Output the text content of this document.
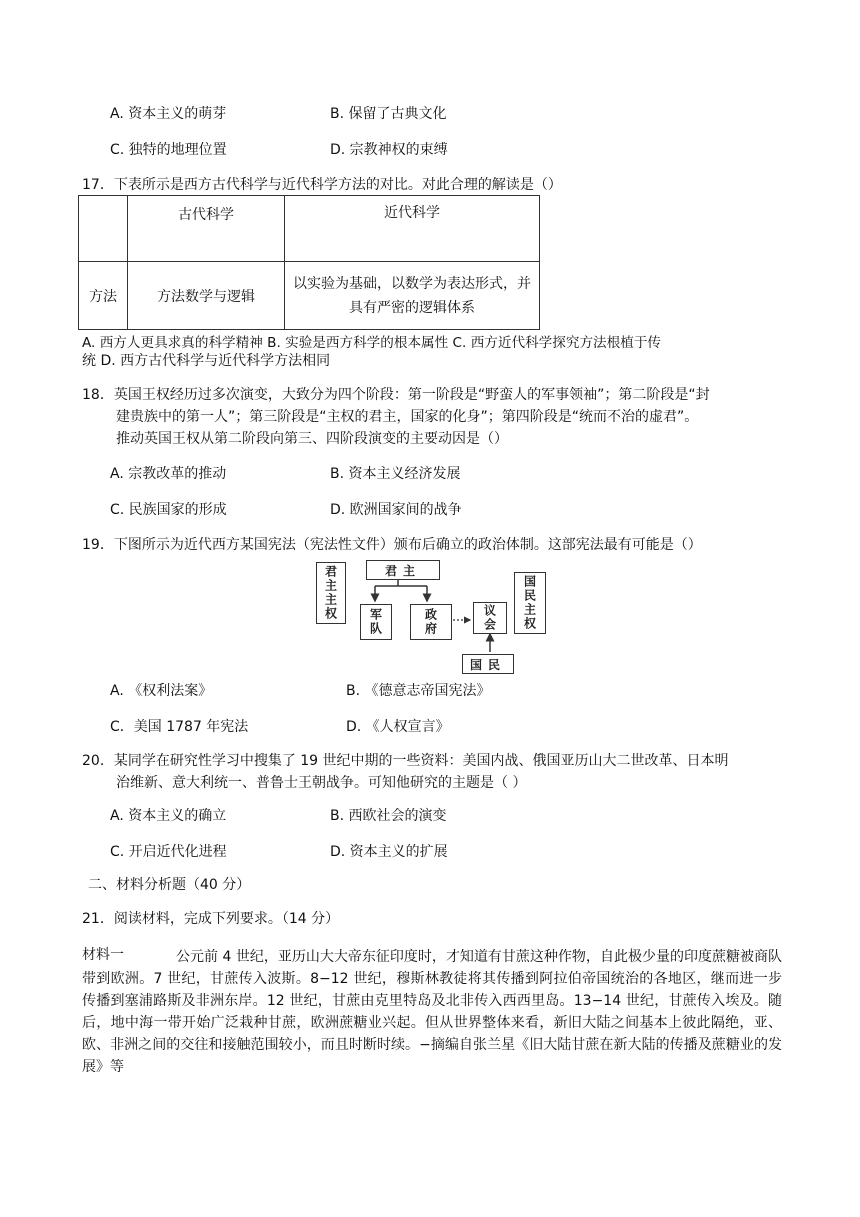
A. 资本主义的萌芽	B. 保留了古典文化
C. 独特的地理位置	D. 宗教神权的束缚
17．下表所示是西方古代科学与近代科学方法的对比。对此合理的解读是（）
	古代科学	近代科学
方法	方法数学与逻辑	以实验为基础，以数学为表达形式，并
具有严密的逻辑体系
A. 西方人更具求真的科学精神 B. 实验是西方科学的根本属性 C. 西方近代科学探究方法根植于传
统 D. 西方古代科学与近代科学方法相同
18．英国王权经历过多次演变，大致分为四个阶段：第一阶段是“野蛮人的军事领袖”；第二阶段是“封
建贵族中的第一人”；第三阶段是“主权的君主，国家的化身”；第四阶段是“统而不治的虚君”。
推动英国王权从第二阶段向第三、四阶段演变的主要动因是（）
A. 宗教改革的推动	B. 资本主义经济发展
C. 民族国家的形成	D. 欧洲国家间的战争
19．下图所示为近代西方某国宪法（宪法性文件）颁布后确立的政治体制。这部宪法最有可能是（）
君主主权	君主
军队	政府	议会
国民
国民主权
A. 《权利法案》	B. 《德意志帝国宪法》
C．美国 1787 年宪法	D. 《人权宣言》
20．某同学在研究性学习中搜集了 19 世纪中期的一些资料：美国内战、俄国亚历山大二世改革、日本明
治维新、意大利统一、普鲁士王朝战争。可知他研究的主题是（ ）
A. 资本主义的确立	B. 西欧社会的演变
C. 开启近代化进程	D. 资本主义的扩展
二、材料分析题（40 分）
21．阅读材料，完成下列要求。（14 分）
材料一	公元前 4 世纪，亚历山大大帝东征印度时，才知道有甘蔗这种作物，自此极少量的印度蔗糖被商队带到欧洲。7 世纪，甘蔗传入波斯。8−12 世纪，穆斯林教徒将其传播到阿拉伯帝国统治的各地区，继而进一步传播到塞浦路斯及非洲东岸。12 世纪，甘蔗由克里特岛及北非传入西西里岛。13−14 世纪，甘蔗传入埃及。随后，地中海一带开始广泛栽种甘蔗，欧洲蔗糖业兴起。但从世界整体来看，新旧大陆之间基本上彼此隔绝，亚、欧、非洲之间的交往和接触范围较小，而且时断时续。−摘编自张兰星《旧大陆甘蔗在新大陆的传播及蔗糖业的发展》等
